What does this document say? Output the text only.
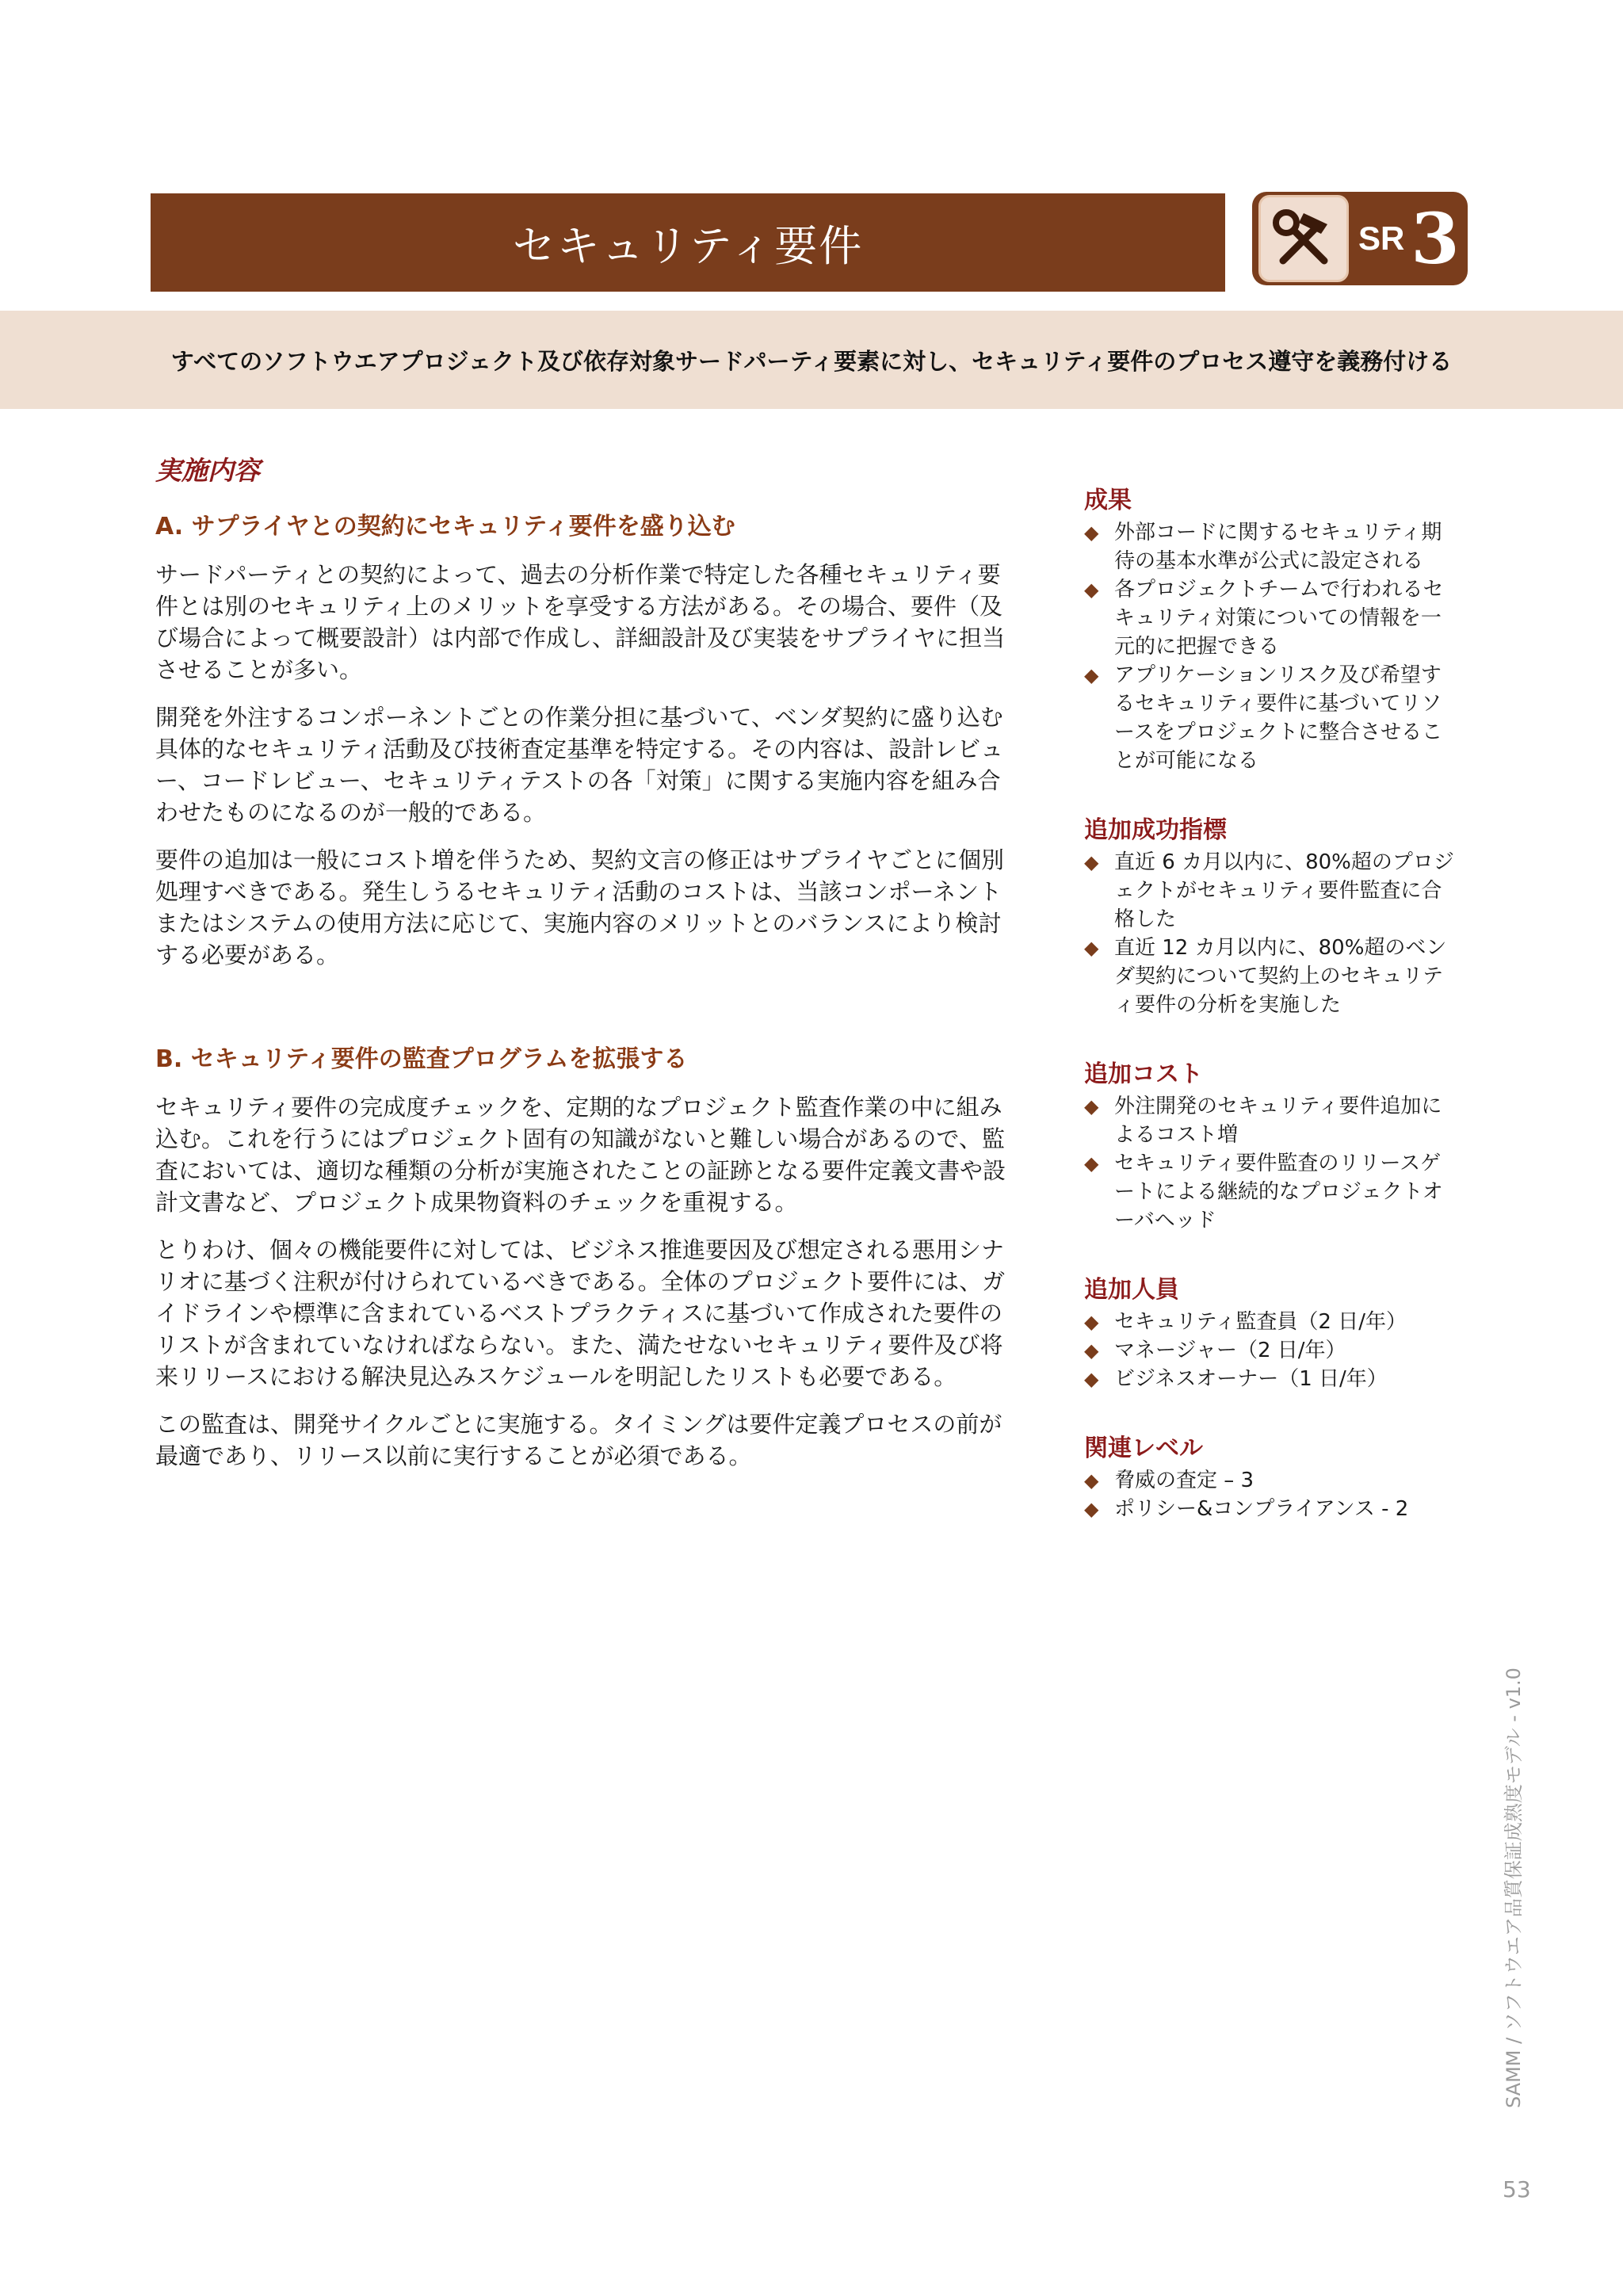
セキュリティ要件	SR 3
すべてのソフトウエアプロジェクト及び依存対象サードパーティ要素に対し、セキュリティ要件のプロセス遵守を義務付ける
実施内容
A. サプライヤとの契約にセキュリティ要件を盛り込む

サードパーティとの契約によって、過去の分析作業で特定した各種セキュリティ要件とは別のセキュリティ上のメリットを享受する方法がある。その場合、要件（及び場合によって概要設計）は内部で作成し、詳細設計及び実装をサプライヤに担当させることが多い。

開発を外注するコンポーネントごとの作業分担に基づいて、ベンダ契約に盛り込む具体的なセキュリティ活動及び技術査定基準を特定する。その内容は、設計レビュー、コードレビュー、セキュリティテストの各「対策」に関する実施内容を組み合わせたものになるのが一般的である。

要件の追加は一般にコスト増を伴うため、契約文言の修正はサプライヤごとに個別処理すべきである。発生しうるセキュリティ活動のコストは、当該コンポーネントまたはシステムの使用方法に応じて、実施内容のメリットとのバランスにより検討する必要がある。

B. セキュリティ要件の監査プログラムを拡張する

セキュリティ要件の完成度チェックを、定期的なプロジェクト監査作業の中に組み込む。これを行うにはプロジェクト固有の知識がないと難しい場合があるので、監査においては、適切な種類の分析が実施されたことの証跡となる要件定義文書や設計文書など、プロジェクト成果物資料のチェックを重視する。

とりわけ、個々の機能要件に対しては、ビジネス推進要因及び想定される悪用シナリオに基づく注釈が付けられているべきである。全体のプロジェクト要件には、ガイドラインや標準に含まれているベストプラクティスに基づいて作成された要件のリストが含まれていなければならない。また、満たせないセキュリティ要件及び将来リリースにおける解決見込みスケジュールを明記したリストも必要である。

この監査は、開発サイクルごとに実施する。タイミングは要件定義プロセスの前が最適であり、リリース以前に実行することが必須である。

成果
◆ 外部コードに関するセキュリティ期待の基本水準が公式に設定される
◆ 各プロジェクトチームで行われるセキュリティ対策についての情報を一元的に把握できる
◆ アプリケーションリスク及び希望するセキュリティ要件に基づいてリソースをプロジェクトに整合させることが可能になる
追加成功指標
◆ 直近 6 カ月以内に、80%超のプロジェクトがセキュリティ要件監査に合格した
◆ 直近 12 カ月以内に、80%超のベンダ契約について契約上のセキュリティ要件の分析を実施した
追加コスト
◆ 外注開発のセキュリティ要件追加によるコスト増
◆ セキュリティ要件監査のリリースゲートによる継続的なプロジェクトオーバヘッド
追加人員
◆ セキュリティ監査員（2 日/年）
◆ マネージャー（2 日/年）
◆ ビジネスオーナー（1 日/年）
関連レベル
◆ 脅威の査定 – 3
◆ ポリシー&コンプライアンス - 2
SAMM / ソフトウエア品質保証成熟度モデル - v1.0
53
